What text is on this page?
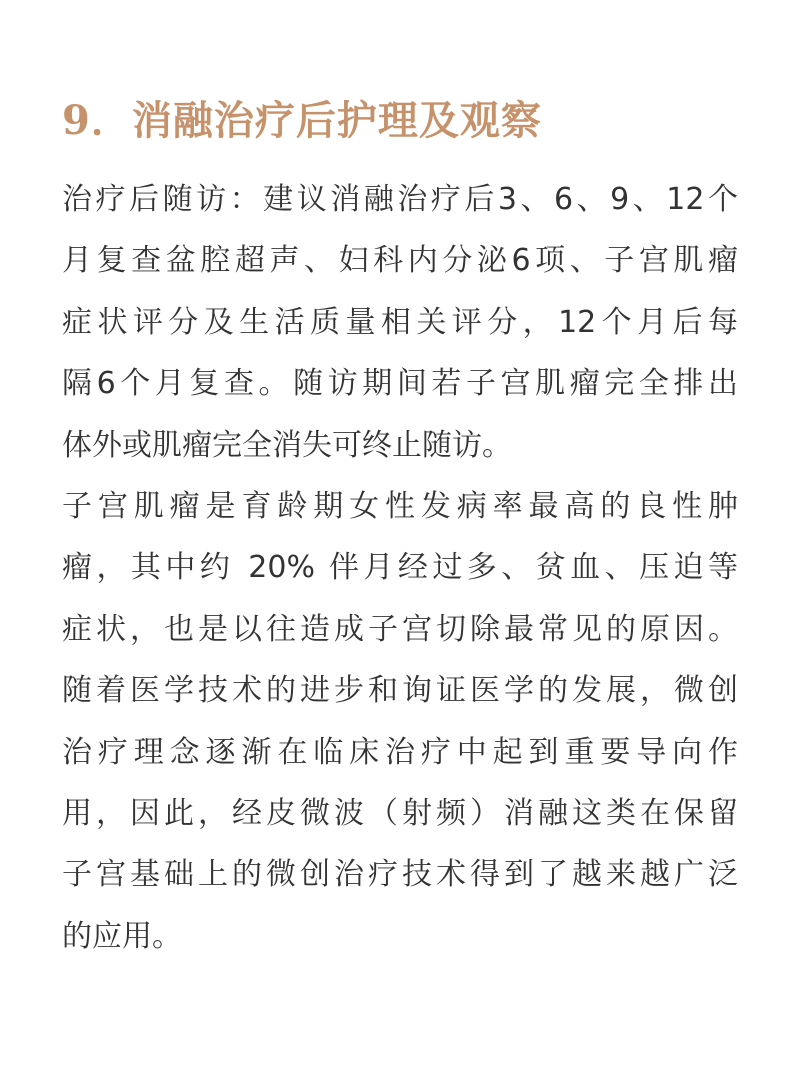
9．消融治疗后护理及观察
治疗后随访：建议消融治疗后3、6、9、12个
月复查盆腔超声、妇科内分泌6项、子宫肌瘤
症状评分及生活质量相关评分，12个月后每
隔6个月复查。随访期间若子宫肌瘤完全排出
体外或肌瘤完全消失可终止随访。
子宫肌瘤是育龄期女性发病率最高的良性肿
瘤，其中约 20% 伴月经过多、贫血、压迫等
症状，也是以往造成子宫切除最常见的原因。
随着医学技术的进步和询证医学的发展，微创
治疗理念逐渐在临床治疗中起到重要导向作
用，因此，经皮微波（射频）消融这类在保留
子宫基础上的微创治疗技术得到了越来越广泛
的应用。
